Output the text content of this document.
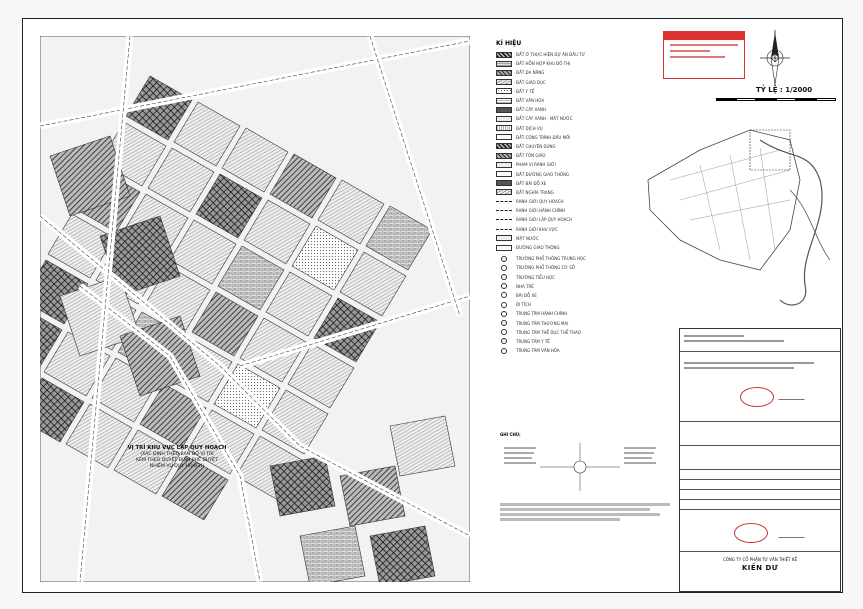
VỊ TRÍ KHU VỰC LẬP QUY HOẠCH
(XÁC ĐỊNH THEO BẢN ĐỒ VỊ TRÍ
KÈM THEO QUYẾT ĐỊNH PHÊ DUYỆT
NHIỆM VỤ QUY HOẠCH)
KÍ HIỆU
ĐẤT Ở THỰC HIỆN DỰ ÁN ĐẦU TƯ
ĐẤT HỖN HỢP KHU ĐÔ THỊ
ĐẤT ĐA NĂNG
ĐẤT GIÁO DỤC
ĐẤT Y TẾ
ĐẤT VĂN HÓA
ĐẤT CÂY XANH
ĐẤT CÂY XANH - MẶT NƯỚC
ĐẤT DỊCH VỤ
ĐẤT CÔNG TRÌNH ĐẦU MỐI
ĐẤT CHUYÊN DÙNG
ĐẤT TÔN GIÁO
PHẠM VI RANH GIỚI
ĐẤT ĐƯỜNG GIAO THÔNG
ĐẤT BÃI ĐỖ XE
ĐẤT NGHĨA TRANG
RANH GIỚI QUY HOẠCH
RANH GIỚI HÀNH CHÍNH
RANH GIỚI LẬP QUY HOẠCH
RANH GIỚI KHU VỰC
MẶT NƯỚC
ĐƯỜNG GIAO THÔNG
TRƯỜNG PHỔ THÔNG TRUNG HỌC
TRƯỜNG PHỔ THÔNG CƠ SỞ
TRƯỜNG TIỂU HỌC
NHÀ TRẺ
BÃI ĐỖ XE
DI TÍCH
TRUNG TÂM HÀNH CHÍNH
TRUNG TÂM THƯƠNG MẠI
TRUNG TÂM THỂ DỤC THỂ THAO
TRUNG TÂM Y TẾ
TRUNG TÂM VĂN HÓA
TỶ LỆ : 1/2000
GHI CHÚ:
CÔNG TY CỔ PHẦN TƯ VẤN THIẾT KẾ
KIẾN DƯ
